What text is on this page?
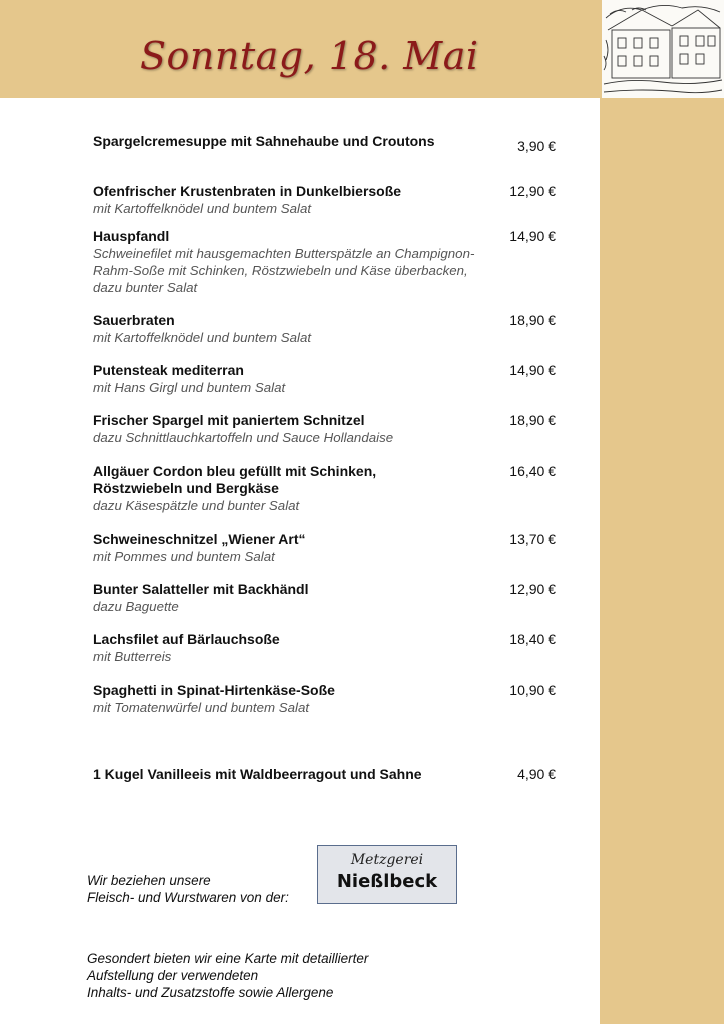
Sonntag, 18. Mai
Spargelcremesuppe mit Sahnehaube und Croutons	3,90 €
Ofenfrischer Krustenbraten in Dunkelbiersoße
mit Kartoffelknödel und buntem Salat
12,90 €
Hauspfandl
Schweinefilet mit hausgemachten Butterspätzle an Champignon-Rahm-Soße mit Schinken, Röstzwiebeln und Käse überbacken, dazu bunter Salat
14,90 €
Sauerbraten
mit Kartoffelknödel und buntem Salat
18,90 €
Putensteak mediterran
mit Hans Girgl und buntem Salat
14,90 €
Frischer Spargel mit paniertem Schnitzel
dazu Schnittlauchkartoffeln und Sauce Hollandaise
18,90 €
Allgäuer Cordon bleu gefüllt mit Schinken, Röstzwiebeln und Bergkäse
dazu Käsespätzle und bunter Salat
16,40 €
Schweineschnitzel „Wiener Art“
mit Pommes und buntem Salat
13,70 €
Bunter Salatteller mit Backhändl
dazu Baguette
12,90 €
Lachsfilet auf Bärlauchsoße
mit Butterreis
18,40 €
Spaghetti in Spinat-Hirtenkäse-Soße
mit Tomatenwürfel und buntem Salat
10,90 €
1 Kugel Vanilleeis mit Waldbeerragout und Sahne	4,90 €
Wir beziehen unsere
Fleisch- und Wurstwaren von der:
Metzgerei
Nießlbeck
Gesondert bieten wir eine Karte mit detaillierter
Aufstellung der verwendeten
Inhalts- und Zusatzstoffe sowie Allergene
